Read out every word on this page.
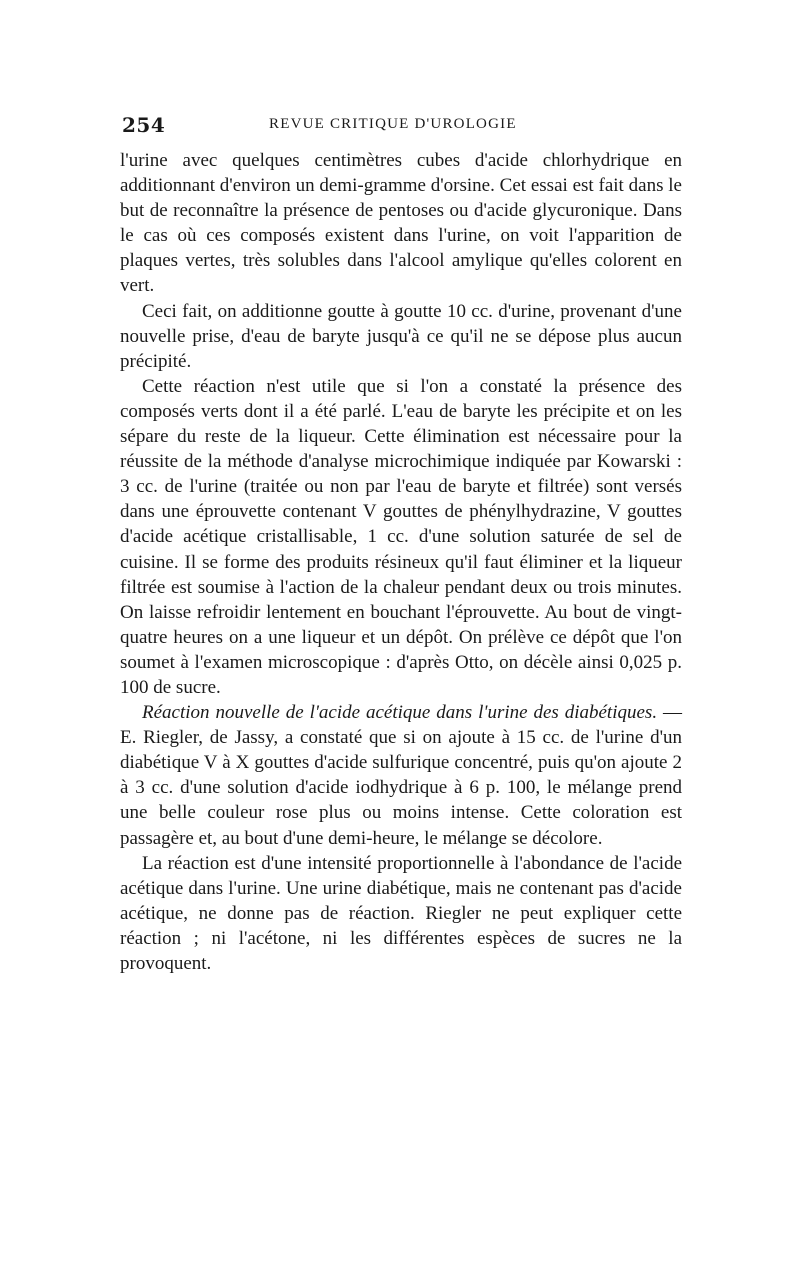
254	REVUE CRITIQUE D'UROLOGIE

l'urine avec quelques centimètres cubes d'acide chlorhydrique en additionnant d'environ un demi-gramme d'orsine. Cet essai est fait dans le but de reconnaître la présence de pentoses ou d'acide glycuronique. Dans le cas où ces composés existent dans l'urine, on voit l'apparition de plaques vertes, très solubles dans l'alcool amylique qu'elles colorent en vert.

Ceci fait, on additionne goutte à goutte 10 cc. d'urine, provenant d'une nouvelle prise, d'eau de baryte jusqu'à ce qu'il ne se dépose plus aucun précipité.

Cette réaction n'est utile que si l'on a constaté la présence des composés verts dont il a été parlé. L'eau de baryte les précipite et on les sépare du reste de la liqueur. Cette élimination est nécessaire pour la réussite de la méthode d'analyse microchimique indiquée par Kowarski : 3 cc. de l'urine (traitée ou non par l'eau de baryte et filtrée) sont versés dans une éprouvette contenant V gouttes de phénylhydrazine, V gouttes d'acide acétique cristallisable, 1 cc. d'une solution saturée de sel de cuisine. Il se forme des produits résineux qu'il faut éliminer et la liqueur filtrée est soumise à l'action de la chaleur pendant deux ou trois minutes. On laisse refroidir lentement en bouchant l'éprouvette. Au bout de vingt-quatre heures on a une liqueur et un dépôt. On prélève ce dépôt que l'on soumet à l'examen microscopique : d'après Otto, on décèle ainsi 0,025 p. 100 de sucre.

Réaction nouvelle de l'acide acétique dans l'urine des diabétiques. — E. Riegler, de Jassy, a constaté que si on ajoute à 15 cc. de l'urine d'un diabétique V à X gouttes d'acide sulfurique concentré, puis qu'on ajoute 2 à 3 cc. d'une solution d'acide iodhydrique à 6 p. 100, le mélange prend une belle couleur rose plus ou moins intense. Cette coloration est passagère et, au bout d'une demi-heure, le mélange se décolore.

La réaction est d'une intensité proportionnelle à l'abondance de l'acide acétique dans l'urine. Une urine diabétique, mais ne contenant pas d'acide acétique, ne donne pas de réaction. Riegler ne peut expliquer cette réaction ; ni l'acétone, ni les différentes espèces de sucres ne la provoquent.
